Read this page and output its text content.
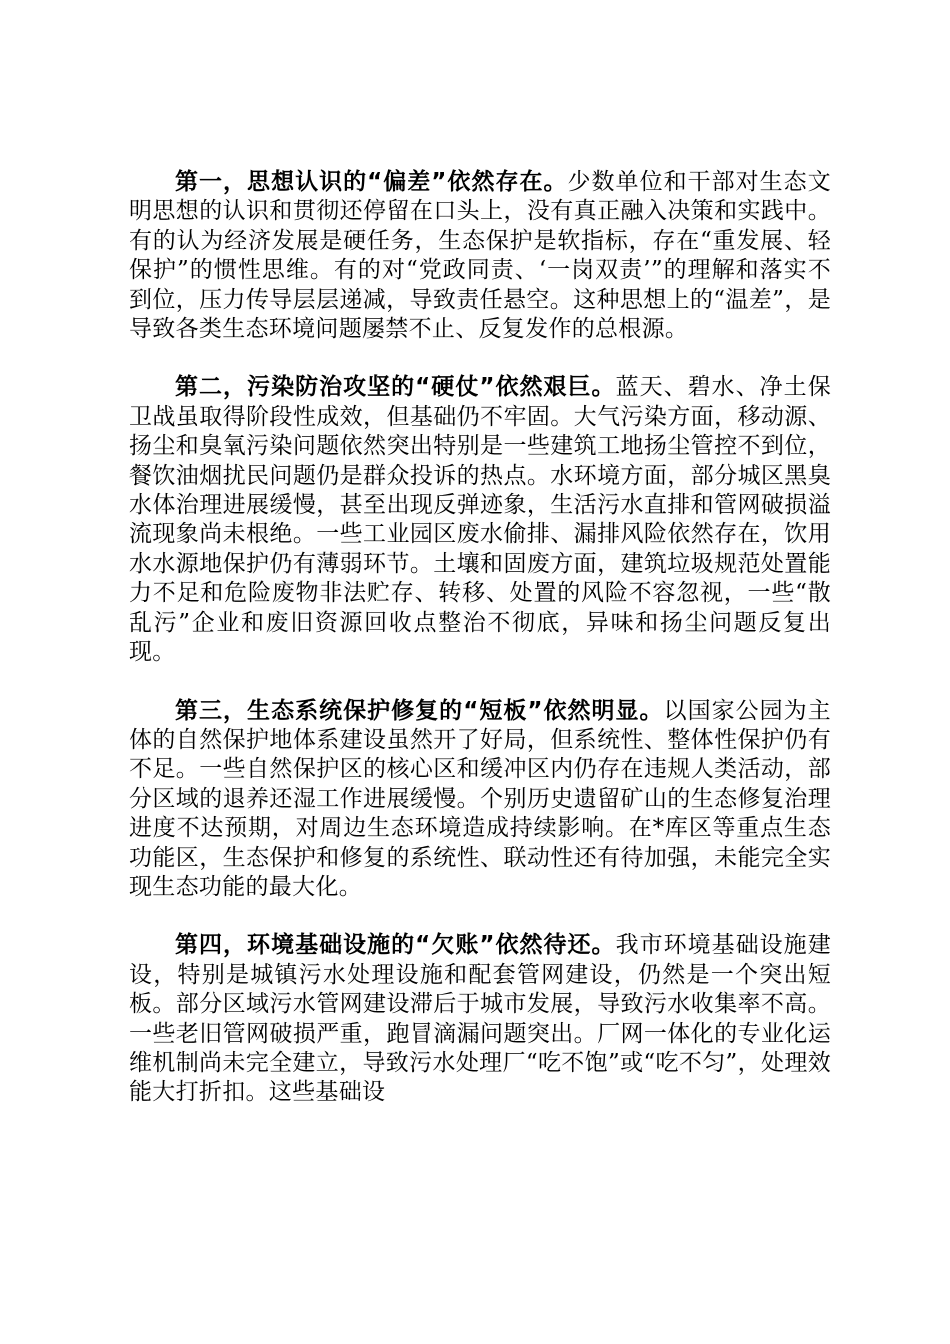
第一，思想认识的“偏差”依然存在。少数单位和干部对生态文明思想的认识和贯彻还停留在口头上，没有真正融入决策和实践中。有的认为经济发展是硬任务，生态保护是软指标，存在“重发展、轻保护”的惯性思维。有的对“党政同责、‘一岗双责’”的理解和落实不到位，压力传导层层递减，导致责任悬空。这种思想上的“温差”，是导致各类生态环境问题屡禁不止、反复发作的总根源。

第二，污染防治攻坚的“硬仗”依然艰巨。蓝天、碧水、净土保卫战虽取得阶段性成效，但基础仍不牢固。大气污染方面，移动源、扬尘和臭氧污染问题依然突出特别是一些建筑工地扬尘管控不到位，餐饮油烟扰民问题仍是群众投诉的热点。水环境方面，部分城区黑臭水体治理进展缓慢，甚至出现反弹迹象，生活污水直排和管网破损溢流现象尚未根绝。一些工业园区废水偷排、漏排风险依然存在，饮用水水源地保护仍有薄弱环节。土壤和固废方面，建筑垃圾规范处置能力不足和危险废物非法贮存、转移、处置的风险不容忽视，一些“散乱污”企业和废旧资源回收点整治不彻底，异味和扬尘问题反复出现。

第三，生态系统保护修复的“短板”依然明显。以国家公园为主体的自然保护地体系建设虽然开了好局，但系统性、整体性保护仍有不足。一些自然保护区的核心区和缓冲区内仍存在违规人类活动，部分区域的退养还湿工作进展缓慢。个别历史遗留矿山的生态修复治理进度不达预期，对周边生态环境造成持续影响。在*库区等重点生态功能区，生态保护和修复的系统性、联动性还有待加强，未能完全实现生态功能的最大化。

第四，环境基础设施的“欠账”依然待还。我市环境基础设施建设，特别是城镇污水处理设施和配套管网建设，仍然是一个突出短板。部分区域污水管网建设滞后于城市发展，导致污水收集率不高。一些老旧管网破损严重，跑冒滴漏问题突出。厂网一体化的专业化运维机制尚未完全建立，导致污水处理厂“吃不饱”或“吃不匀”，处理效能大打折扣。这些基础设
